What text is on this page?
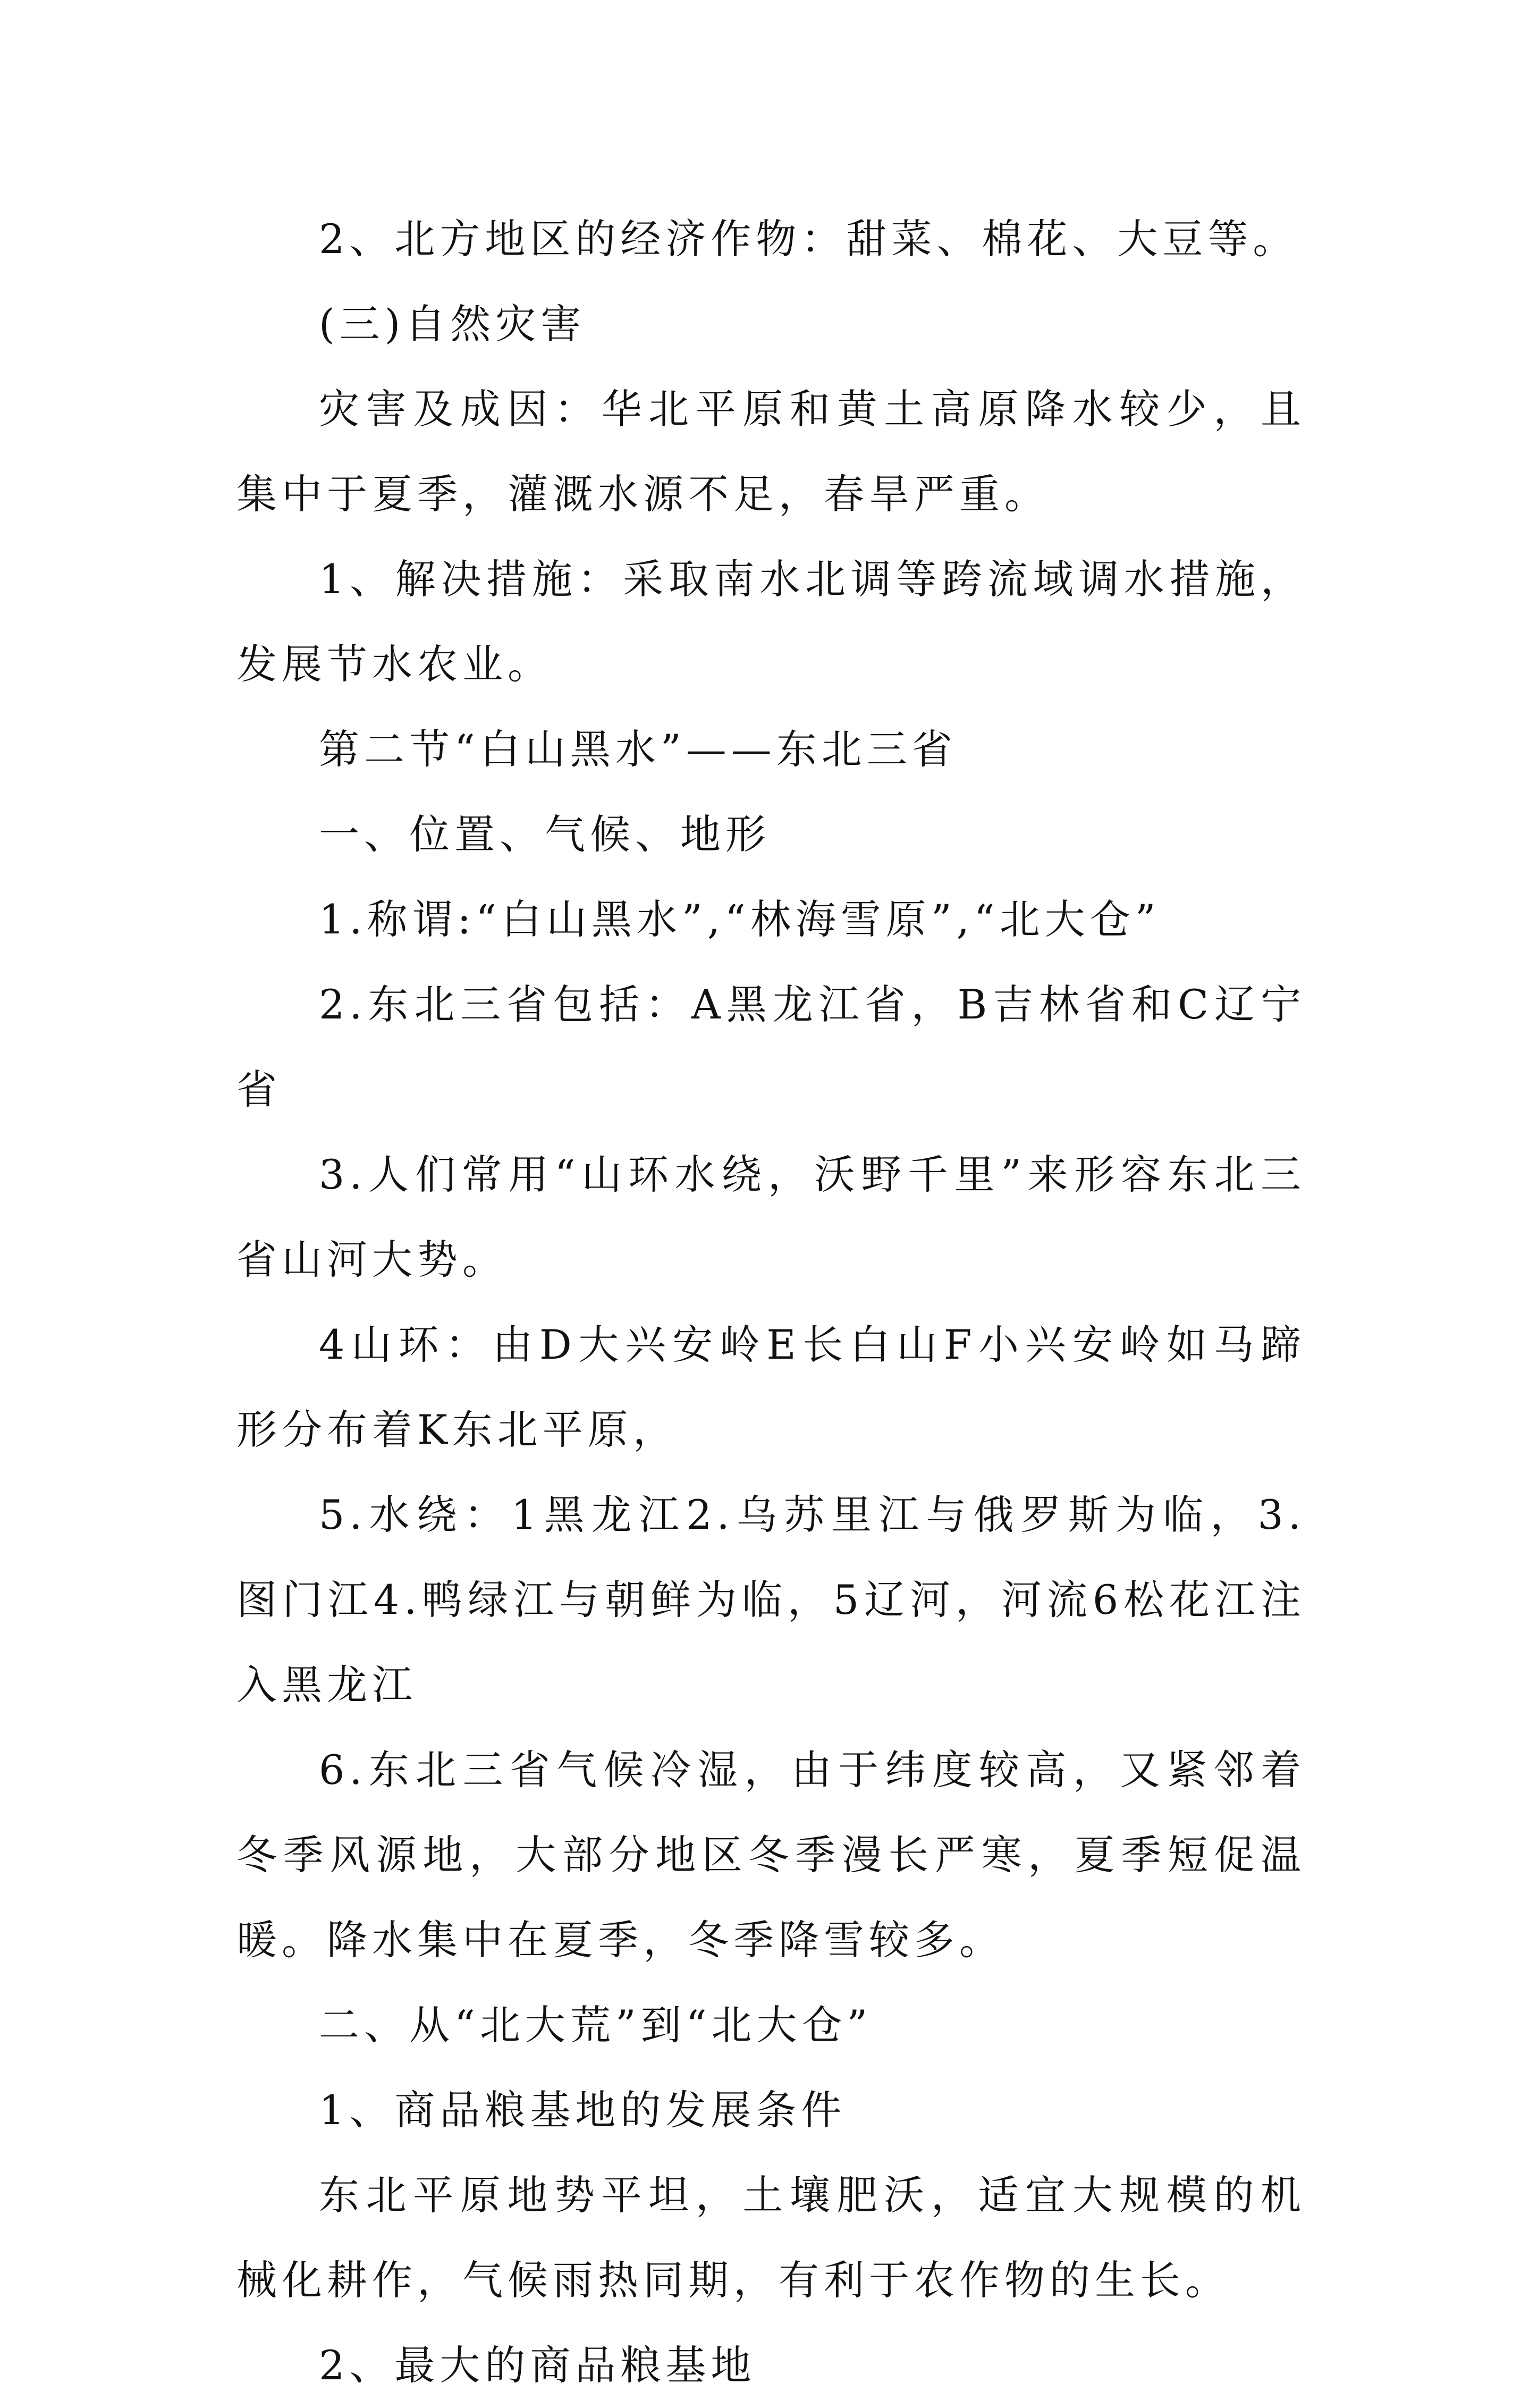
2、北方地区的经济作物：甜菜、棉花、大豆等。

(三)自然灾害

灾害及成因：华北平原和黄土高原降水较少，且集中于夏季，灌溉水源不足，春旱严重。

1、解决措施：采取南水北调等跨流域调水措施，发展节水农业。

第二节“白山黑水”——东北三省

一、位置、气候、地形

1.称谓:“白山黑水”,“林海雪原”,“北大仓”

2.东北三省包括：A黑龙江省，B吉林省和C辽宁省

3.人们常用“山环水绕，沃野千里”来形容东北三省山河大势。

4山环：由D大兴安岭E长白山F小兴安岭如马蹄形分布着K东北平原，

5.水绕：1黑龙江2.乌苏里江与俄罗斯为临，3.图门江4.鸭绿江与朝鲜为临，5辽河，河流6松花江注入黑龙江

6.东北三省气候冷湿，由于纬度较高，又紧邻着冬季风源地，大部分地区冬季漫长严寒，夏季短促温暖。降水集中在夏季，冬季降雪较多。

二、从“北大荒”到“北大仓”

1、商品粮基地的发展条件

东北平原地势平坦，土壤肥沃，适宜大规模的机械化耕作，气候雨热同期，有利于农作物的生长。

2、最大的商品粮基地
